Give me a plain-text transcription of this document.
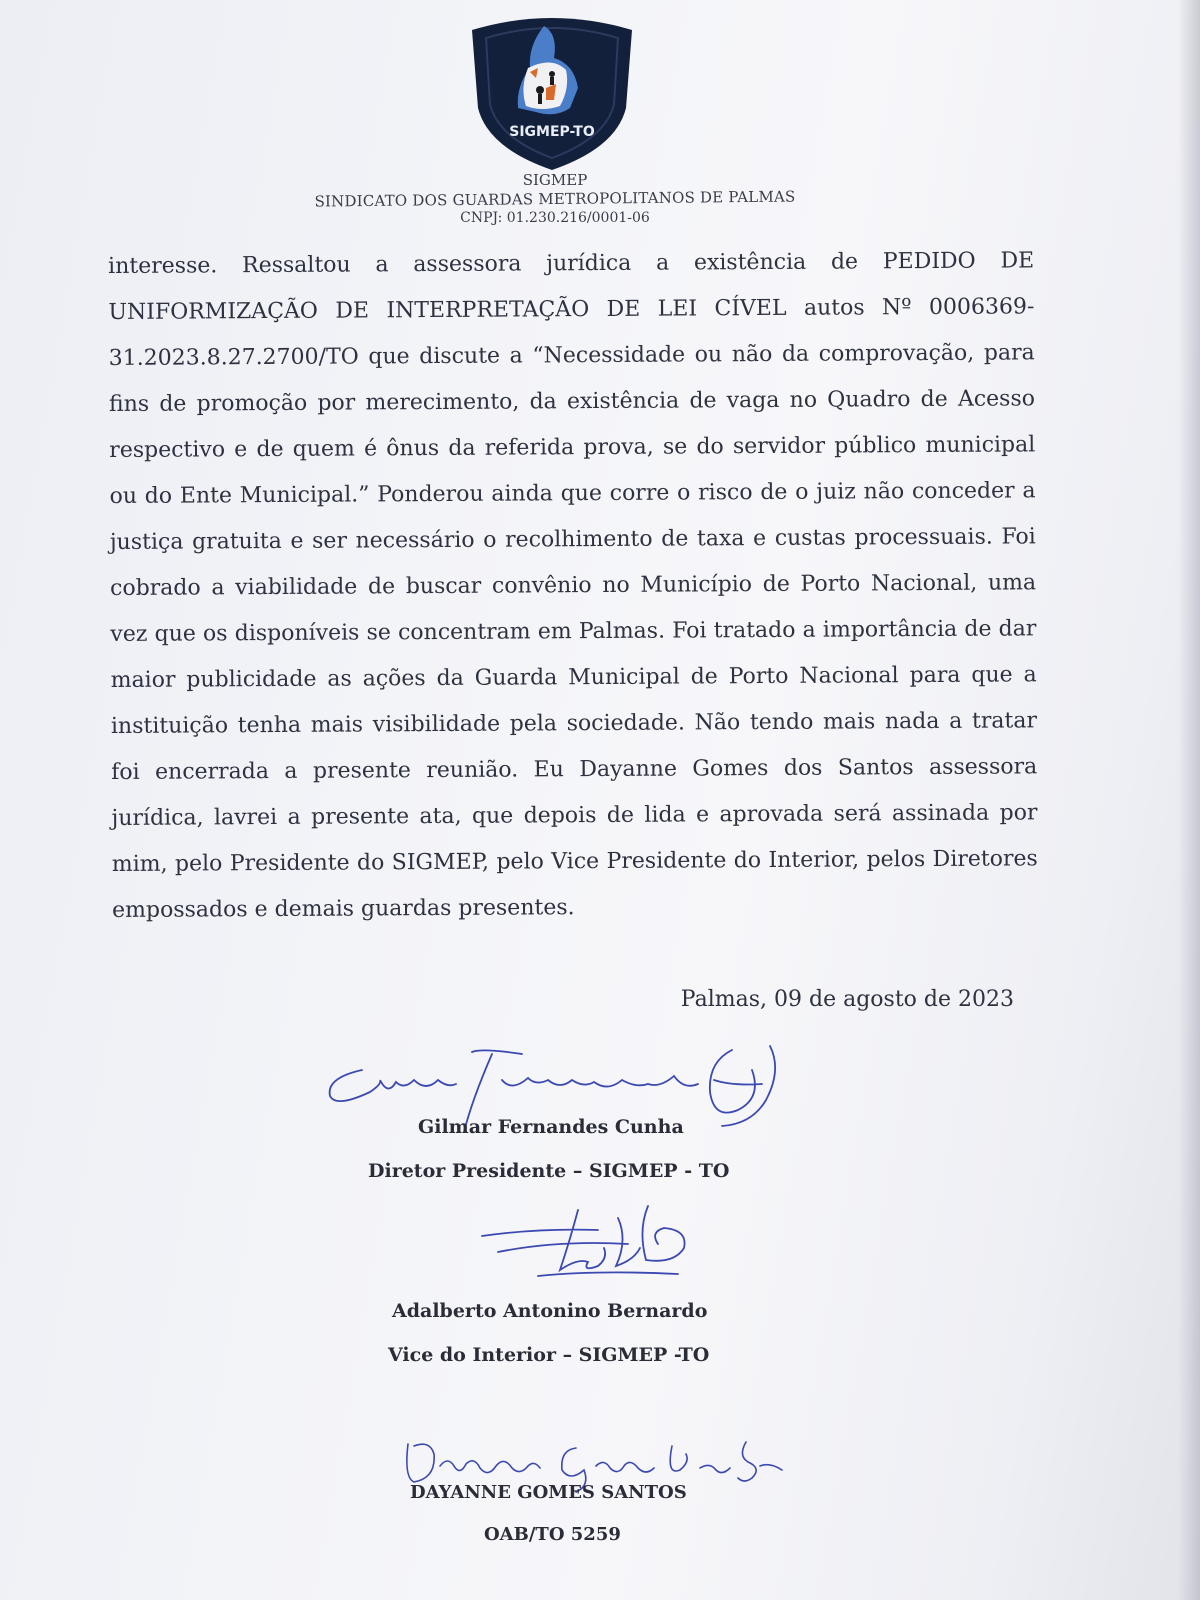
SIGMEP-TO
SIGMEP
SINDICATO DOS GUARDAS METROPOLITANOS DE PALMAS
CNPJ: 01.230.216/0001-06

interesse. Ressaltou a assessora jurídica a existência de PEDIDO DE UNIFORMIZAÇÃO DE INTERPRETAÇÃO DE LEI CÍVEL autos Nº 0006369-31.2023.8.27.2700/TO que discute a “Necessidade ou não da comprovação, para fins de promoção por merecimento, da existência de vaga no Quadro de Acesso respectivo e de quem é ônus da referida prova, se do servidor público municipal ou do Ente Municipal.” Ponderou ainda que corre o risco de o juiz não conceder a justiça gratuita e ser necessário o recolhimento de taxa e custas processuais. Foi cobrado a viabilidade de buscar convênio no Município de Porto Nacional, uma vez que os disponíveis se concentram em Palmas. Foi tratado a importância de dar maior publicidade as ações da Guarda Municipal de Porto Nacional para que a instituição tenha mais visibilidade pela sociedade. Não tendo mais nada a tratar foi encerrada a presente reunião. Eu Dayanne Gomes dos Santos assessora jurídica, lavrei a presente ata, que depois de lida e aprovada será assinada por mim, pelo Presidente do SIGMEP, pelo Vice Presidente do Interior, pelos Diretores empossados e demais guardas presentes.

Palmas, 09 de agosto de 2023
Gilmar Fernandes Cunha
Diretor Presidente – SIGMEP - TO
Adalberto Antonino Bernardo
Vice do Interior – SIGMEP -TO
DAYANNE GOMES SANTOS
OAB/TO 5259
